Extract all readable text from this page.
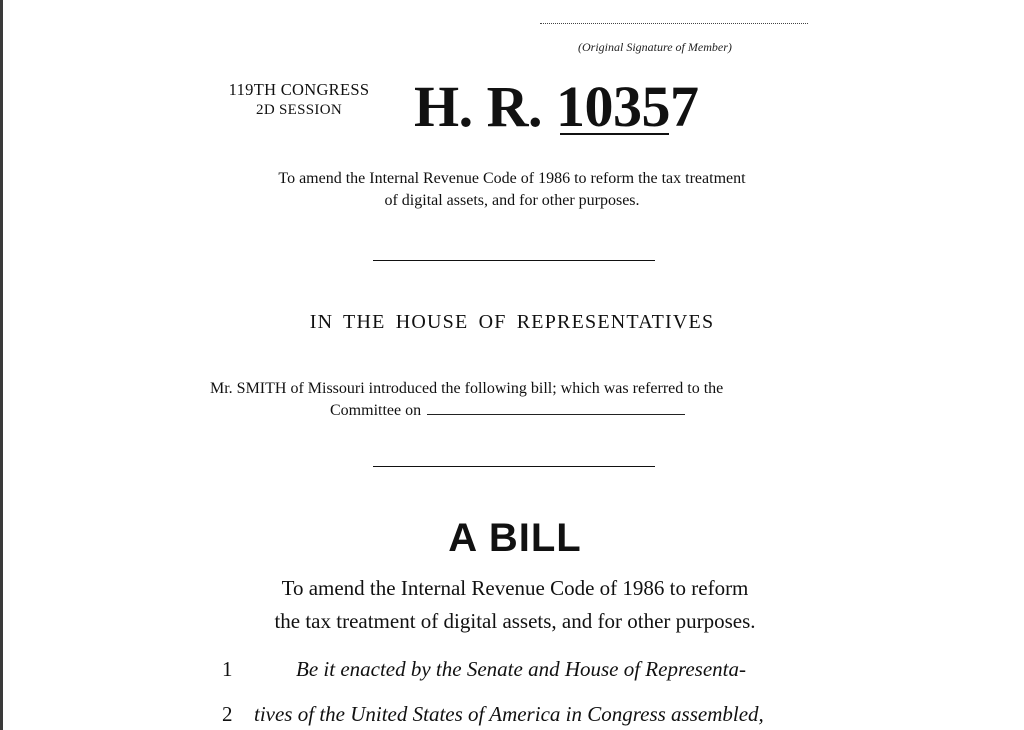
(Original Signature of Member)
119TH CONGRESS
2D SESSION	H. R. 10357
To amend the Internal Revenue Code of 1986 to reform the tax treatment
of digital assets, and for other purposes.
IN THE HOUSE OF REPRESENTATIVES
Mr. SMITH of Missouri introduced the following bill; which was referred to the
Committee on
A BILL
To amend the Internal Revenue Code of 1986 to reform
the tax treatment of digital assets, and for other purposes.
1	Be it enacted by the Senate and House of Representa-
2 tives of the United States of America in Congress assembled,
